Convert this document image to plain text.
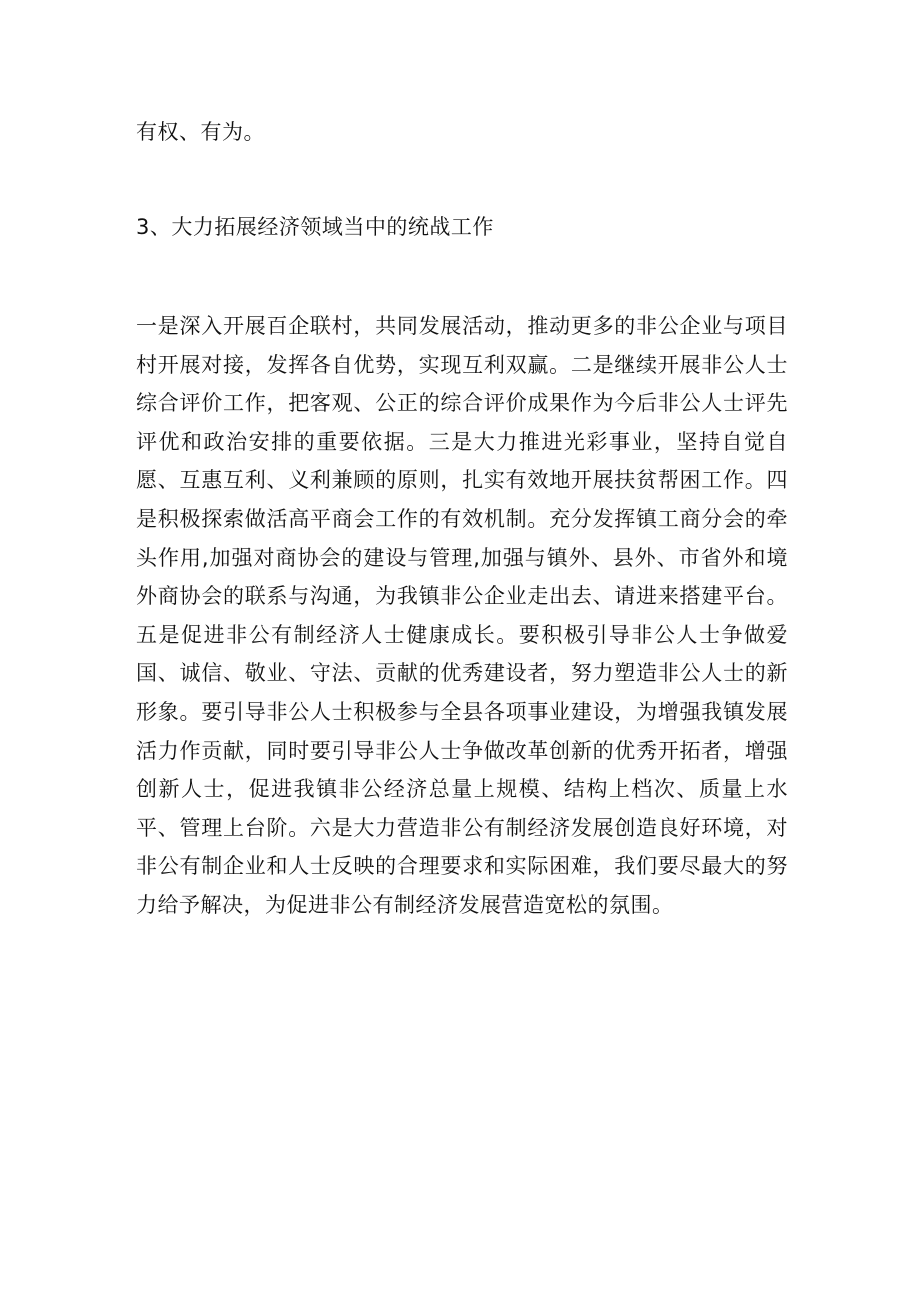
有权、有为。

3、大力拓展经济领域当中的统战工作

一是深入开展百企联村，共同发展活动，推动更多的非公企业与项目村开展对接，发挥各自优势，实现互利双赢。二是继续开展非公人士综合评价工作，把客观、公正的综合评价成果作为今后非公人士评先评优和政治安排的重要依据。三是大力推进光彩事业，坚持自觉自愿、互惠互利、义利兼顾的原则，扎实有效地开展扶贫帮困工作。四是积极探索做活高平商会工作的有效机制。充分发挥镇工商分会的牵头作用,加强对商协会的建设与管理,加强与镇外、县外、市省外和境外商协会的联系与沟通，为我镇非公企业走出去、请进来搭建平台。五是促进非公有制经济人士健康成长。要积极引导非公人士争做爱国、诚信、敬业、守法、贡献的优秀建设者，努力塑造非公人士的新形象。要引导非公人士积极参与全县各项事业建设，为增强我镇发展活力作贡献，同时要引导非公人士争做改革创新的优秀开拓者，增强创新人士，促进我镇非公经济总量上规模、结构上档次、质量上水平、管理上台阶。六是大力营造非公有制经济发展创造良好环境，对非公有制企业和人士反映的合理要求和实际困难，我们要尽最大的努力给予解决，为促进非公有制经济发展营造宽松的氛围。
